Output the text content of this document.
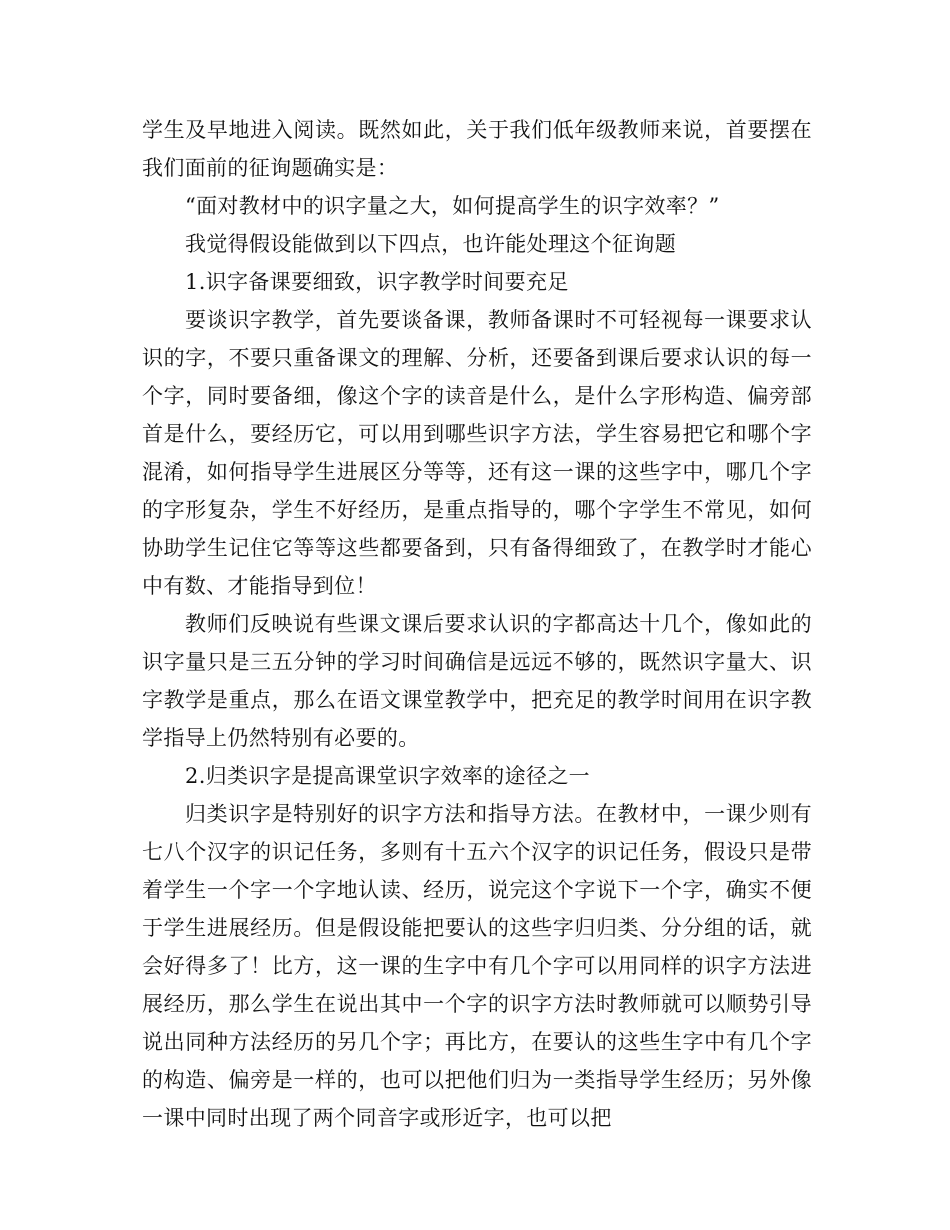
学生及早地进入阅读。既然如此，关于我们低年级教师来说，首要摆在我们面前的征询题确实是：

“面对教材中的识字量之大，如何提高学生的识字效率？”

我觉得假设能做到以下四点，也许能处理这个征询题

1.识字备课要细致，识字教学时间要充足

要谈识字教学，首先要谈备课，教师备课时不可轻视每一课要求认识的字，不要只重备课文的理解、分析，还要备到课后要求认识的每一个字，同时要备细，像这个字的读音是什么，是什么字形构造、偏旁部首是什么，要经历它，可以用到哪些识字方法，学生容易把它和哪个字混淆，如何指导学生进展区分等等，还有这一课的这些字中，哪几个字的字形复杂，学生不好经历，是重点指导的，哪个字学生不常见，如何协助学生记住它等等这些都要备到，只有备得细致了，在教学时才能心中有数、才能指导到位！

教师们反映说有些课文课后要求认识的字都高达十几个，像如此的识字量只是三五分钟的学习时间确信是远远不够的，既然识字量大、识字教学是重点，那么在语文课堂教学中，把充足的教学时间用在识字教学指导上仍然特别有必要的。

2.归类识字是提高课堂识字效率的途径之一

归类识字是特别好的识字方法和指导方法。在教材中，一课少则有七八个汉字的识记任务，多则有十五六个汉字的识记任务，假设只是带着学生一个字一个字地认读、经历，说完这个字说下一个字，确实不便于学生进展经历。但是假设能把要认的这些字归归类、分分组的话，就会好得多了！比方，这一课的生字中有几个字可以用同样的识字方法进展经历，那么学生在说出其中一个字的识字方法时教师就可以顺势引导说出同种方法经历的另几个字；再比方，在要认的这些生字中有几个字的构造、偏旁是一样的，也可以把他们归为一类指导学生经历；另外像一课中同时出现了两个同音字或形近字，也可以把
